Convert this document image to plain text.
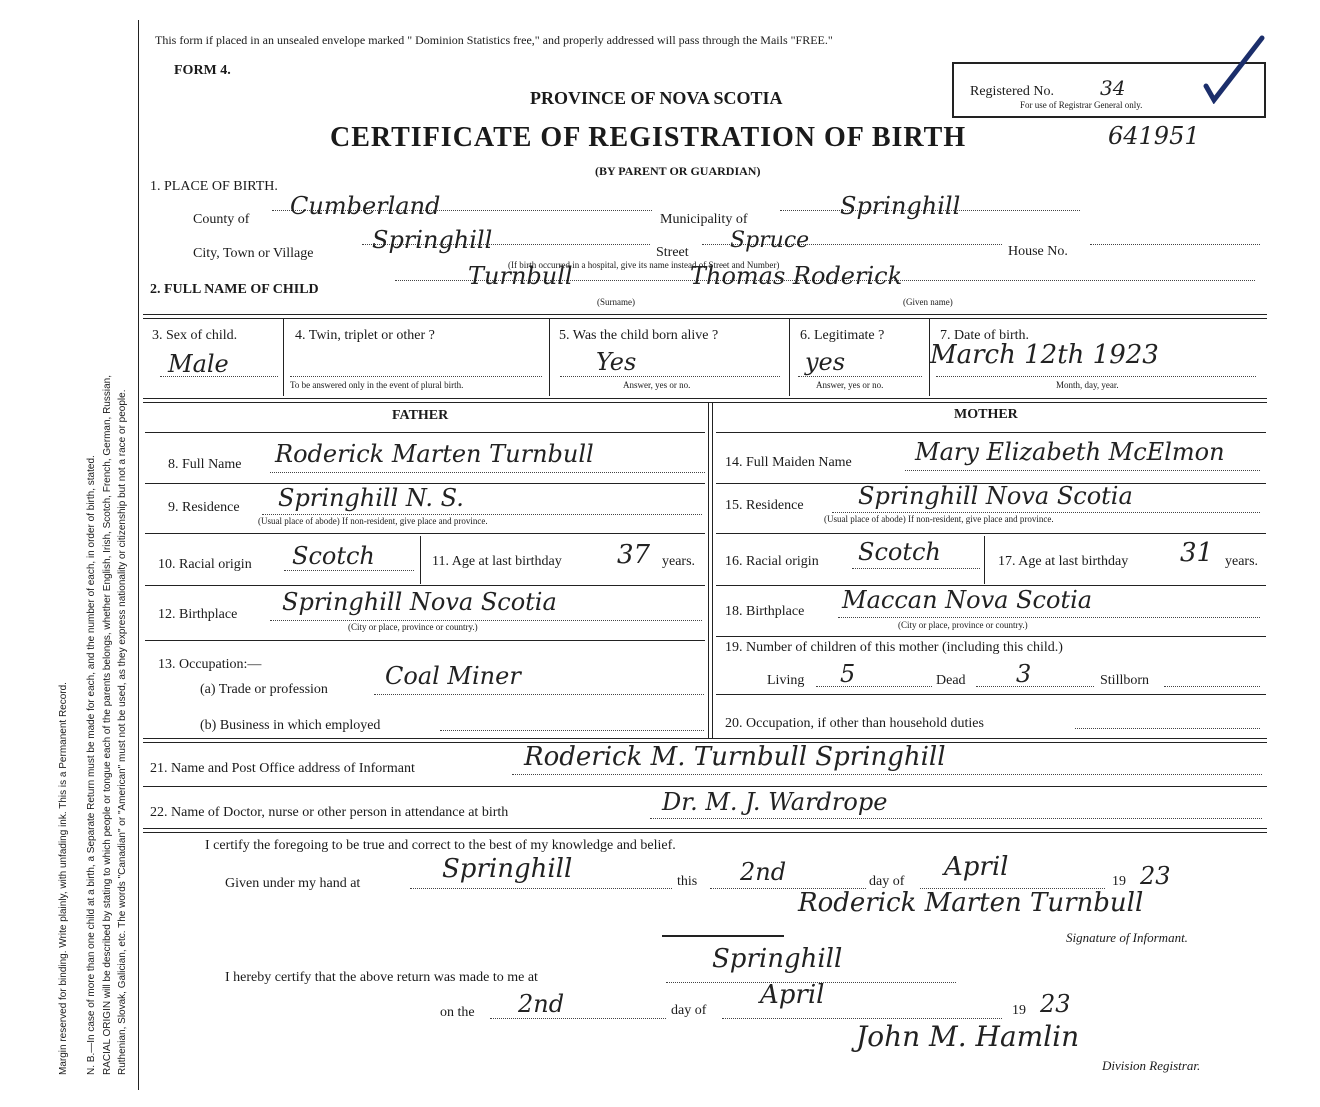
Margin reserved for binding. Write plainly, with unfading ink. This is a Permanent Record. N. B.—In case of more than one child at a birth, a Separate Return must be made for each, and the number of each, in order of birth, stated. RACIAL ORIGIN will be described by stating to which people or tongue each of the parents belongs, whether English, Irish, Scotch, French, German, Russian, Ruthenian, Slovak, Galician, etc. The words "Canadian" or "American" must not be used, as they express nationality or citizenship but not a race or people.
This form if placed in an unsealed envelope marked " Dominion Statistics free," and properly addressed will pass through the Mails "FREE."
FORM 4.
PROVINCE OF NOVA SCOTIA
CERTIFICATE OF REGISTRATION OF BIRTH	641951
(BY PARENT OR GUARDIAN)
Registered No. 34
For use of Registrar General only.
1. PLACE OF BIRTH.
County of Cumberland	Municipality of	Springhill
City, Town or Village Springhill	Street Spruce	House No.
(If birth occurred in a hospital, give its name instead of Street and Number)
2. FULL NAME OF CHILD	Turnbull	Thomas Roderick
(Surname)	(Given name)
3. Sex of child.
Male
4. Twin, triplet or other ?
To be answered only in the event of plural birth.
5. Was the child born alive ?
Yes
Answer, yes or no.
6. Legitimate ?
yes
Answer, yes or no.
7. Date of birth.
March 12th 1923
Month, day, year.
FATHER	MOTHER
8. Full Name Roderick Marten Turnbull
9. Residence Springhill N. S.
(Usual place of abode) If non-resident, give place and province.
10. Racial origin Scotch	11. Age at last birthday 37 years.
12. Birthplace Springhill Nova Scotia
(City or place, province or country.)
13. Occupation:—
(a) Trade or profession Coal Miner
(b) Business in which employed
14. Full Maiden Name	Mary Elizabeth McElmon
15. Residence Springhill Nova Scotia
(Usual place of abode) If non-resident, give place and province.
16. Racial origin Scotch	17. Age at last birthday 31 years.
18. Birthplace Maccan Nova Scotia
(City or place, province or country.)
19. Number of children of this mother (including this child.)
Living 5	Dead 3	Stillborn
20. Occupation, if other than household duties
21. Name and Post Office address of Informant	Roderick M. Turnbull Springhill
22. Name of Doctor, nurse or other person in attendance at birth	Dr. M. J. Wardrope
I certify the foregoing to be true and correct to the best of my knowledge and belief.
Given under my hand at	Springhill	this 2nd	day of April	19 23
Roderick Marten Turnbull
Signature of Informant.
I hereby certify that the above return was made to me at
Springhill
on the 2nd	day of
April
19 23
John M. Hamlin
Division Registrar.
